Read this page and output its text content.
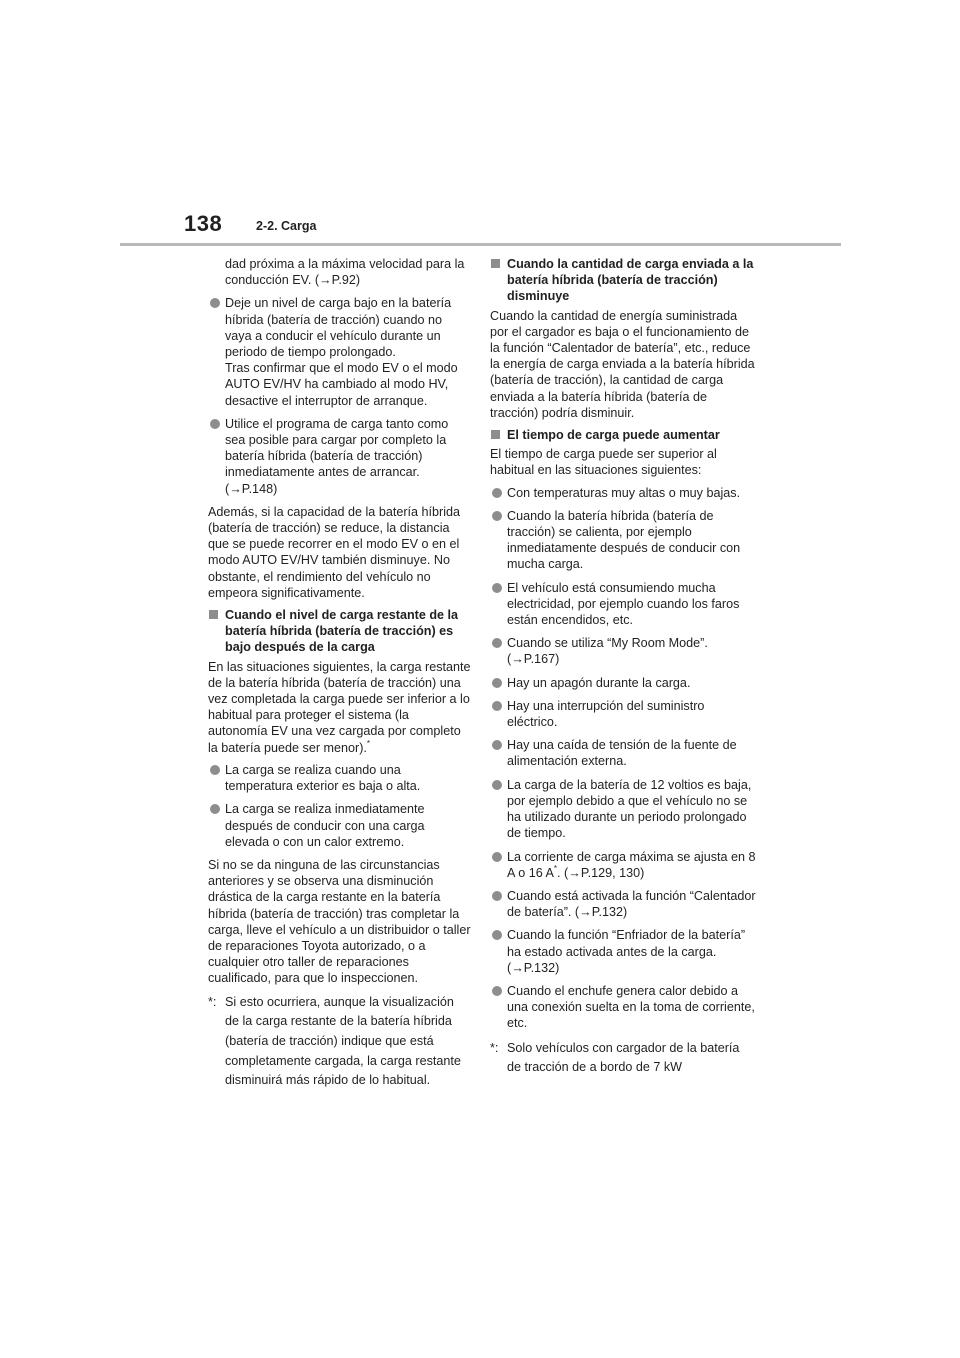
138	2-2. Carga

dad próxima a la máxima velocidad para la conducción EV. (→P.92)

Deje un nivel de carga bajo en la batería híbrida (batería de tracción) cuando no vaya a conducir el vehículo durante un periodo de tiempo prolongado.
Tras confirmar que el modo EV o el modo AUTO EV/HV ha cambiado al modo HV, desactive el interruptor de arranque.
Utilice el programa de carga tanto como sea posible para cargar por completo la batería híbrida (batería de tracción) inmediatamente antes de arrancar. (→P.148)

Además, si la capacidad de la batería híbrida (batería de tracción) se reduce, la distancia que se puede recorrer en el modo EV o en el modo AUTO EV/HV también disminuye. No obstante, el rendimiento del vehículo no empeora significativamente.

Cuando el nivel de carga restante de la batería híbrida (batería de tracción) es bajo después de la carga

En las situaciones siguientes, la carga restante de la batería híbrida (batería de tracción) una vez completada la carga puede ser inferior a lo habitual para proteger el sistema (la autonomía EV una vez cargada por completo la batería puede ser menor).*

La carga se realiza cuando una temperatura exterior es baja o alta.
La carga se realiza inmediatamente después de conducir con una carga elevada o con un calor extremo.

Si no se da ninguna de las circunstancias anteriores y se observa una disminución drástica de la carga restante en la batería híbrida (batería de tracción) tras completar la carga, lleve el vehículo a un distribuidor o taller de reparaciones Toyota autorizado, o a cualquier otro taller de reparaciones cualificado, para que lo inspeccionen.

*: Si esto ocurriera, aunque la visualización de la carga restante de la batería híbrida (batería de tracción) indique que está completamente cargada, la carga restante disminuirá más rápido de lo habitual.
Cuando la cantidad de carga enviada a la batería híbrida (batería de tracción) disminuye

Cuando la cantidad de energía suministrada por el cargador es baja o el funcionamiento de la función “Calentador de batería”, etc., reduce la energía de carga enviada a la batería híbrida (batería de tracción), la cantidad de carga enviada a la batería híbrida (batería de tracción) podría disminuir.

El tiempo de carga puede aumentar

El tiempo de carga puede ser superior al habitual en las situaciones siguientes:

Con temperaturas muy altas o muy bajas.
Cuando la batería híbrida (batería de tracción) se calienta, por ejemplo inmediatamente después de conducir con mucha carga.
El vehículo está consumiendo mucha electricidad, por ejemplo cuando los faros están encendidos, etc.
Cuando se utiliza “My Room Mode”. (→P.167)
Hay un apagón durante la carga.
Hay una interrupción del suministro eléctrico.
Hay una caída de tensión de la fuente de alimentación externa.
La carga de la batería de 12 voltios es baja, por ejemplo debido a que el vehículo no se ha utilizado durante un periodo prolongado de tiempo.
La corriente de carga máxima se ajusta en 8 A o 16 A*. (→P.129, 130)
Cuando está activada la función “Calentador de batería”. (→P.132)
Cuando la función “Enfriador de la batería” ha estado activada antes de la carga. (→P.132)
Cuando el enchufe genera calor debido a una conexión suelta en la toma de corriente, etc.
*: Solo vehículos con cargador de la batería de tracción de a bordo de 7 kW
